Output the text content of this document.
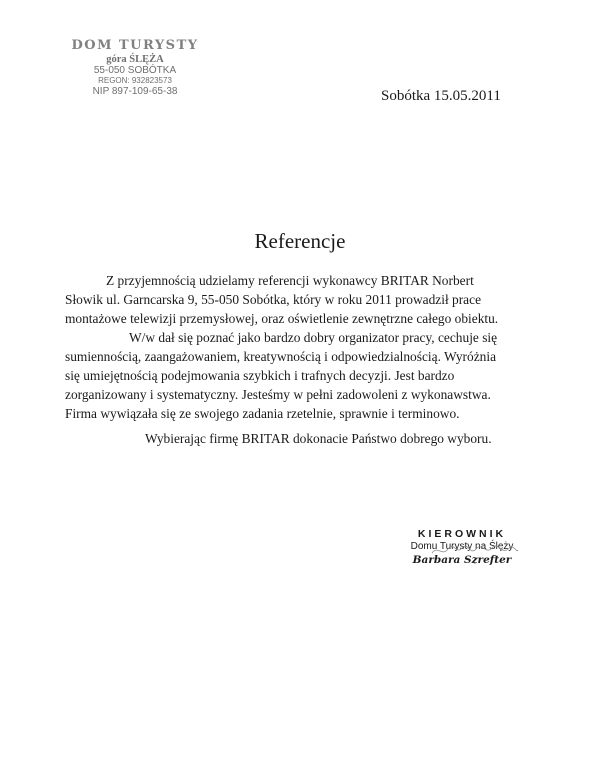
DOM TURYSTY
góra ŚLĘŻA
55-050 SOBÓTKA
REGON: 932823573
NIP 897-109-65-38	Sobótka 15.05.2011
Referencje
Z przyjemnością udzielamy referencji wykonawcy BRITAR Norbert
Słowik ul. Garncarska 9, 55-050 Sobótka, który w roku 2011 prowadził prace
montażowe telewizji przemysłowej, oraz oświetlenie zewnętrzne całego obiektu.
W/w dał się poznać jako bardzo dobry organizator pracy, cechuje się
sumiennością, zaangażowaniem, kreatywnością i odpowiedzialnością. Wyróżnia
się umiejętnością podejmowania szybkich i trafnych decyzji. Jest bardzo
zorganizowany i systematyczny. Jesteśmy w pełni zadowoleni z wykonawstwa.
Firma wywiązała się ze swojego zadania rzetelnie, sprawnie i terminowo.
Wybierając firmę BRITAR dokonacie Państwo dobrego wyboru.
KIEROWNIK
Domu Turysty na Ślęży
Barbara Szrefter
